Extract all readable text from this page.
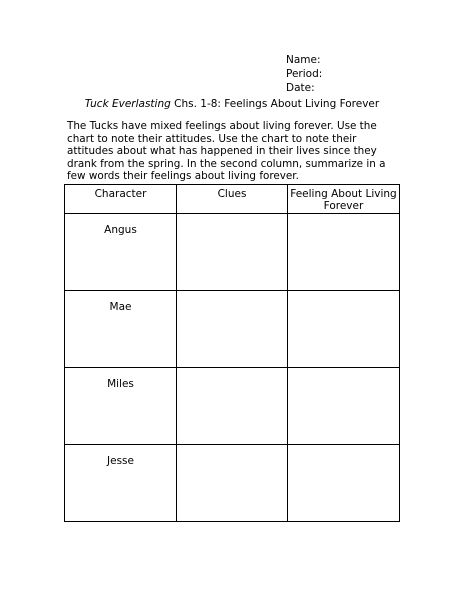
Name:
Period:
Date:
Tuck Everlasting Chs. 1-8: Feelings About Living Forever
The Tucks have mixed feelings about living forever. Use the chart to note their attitudes. Use the chart to note their attitudes about what has happened in their lives since they drank from the spring. In the second column, summarize in a few words their feelings about living forever.
Character	Clues	Feeling About Living Forever
Angus		
Mae		
Miles		
Jesse		
